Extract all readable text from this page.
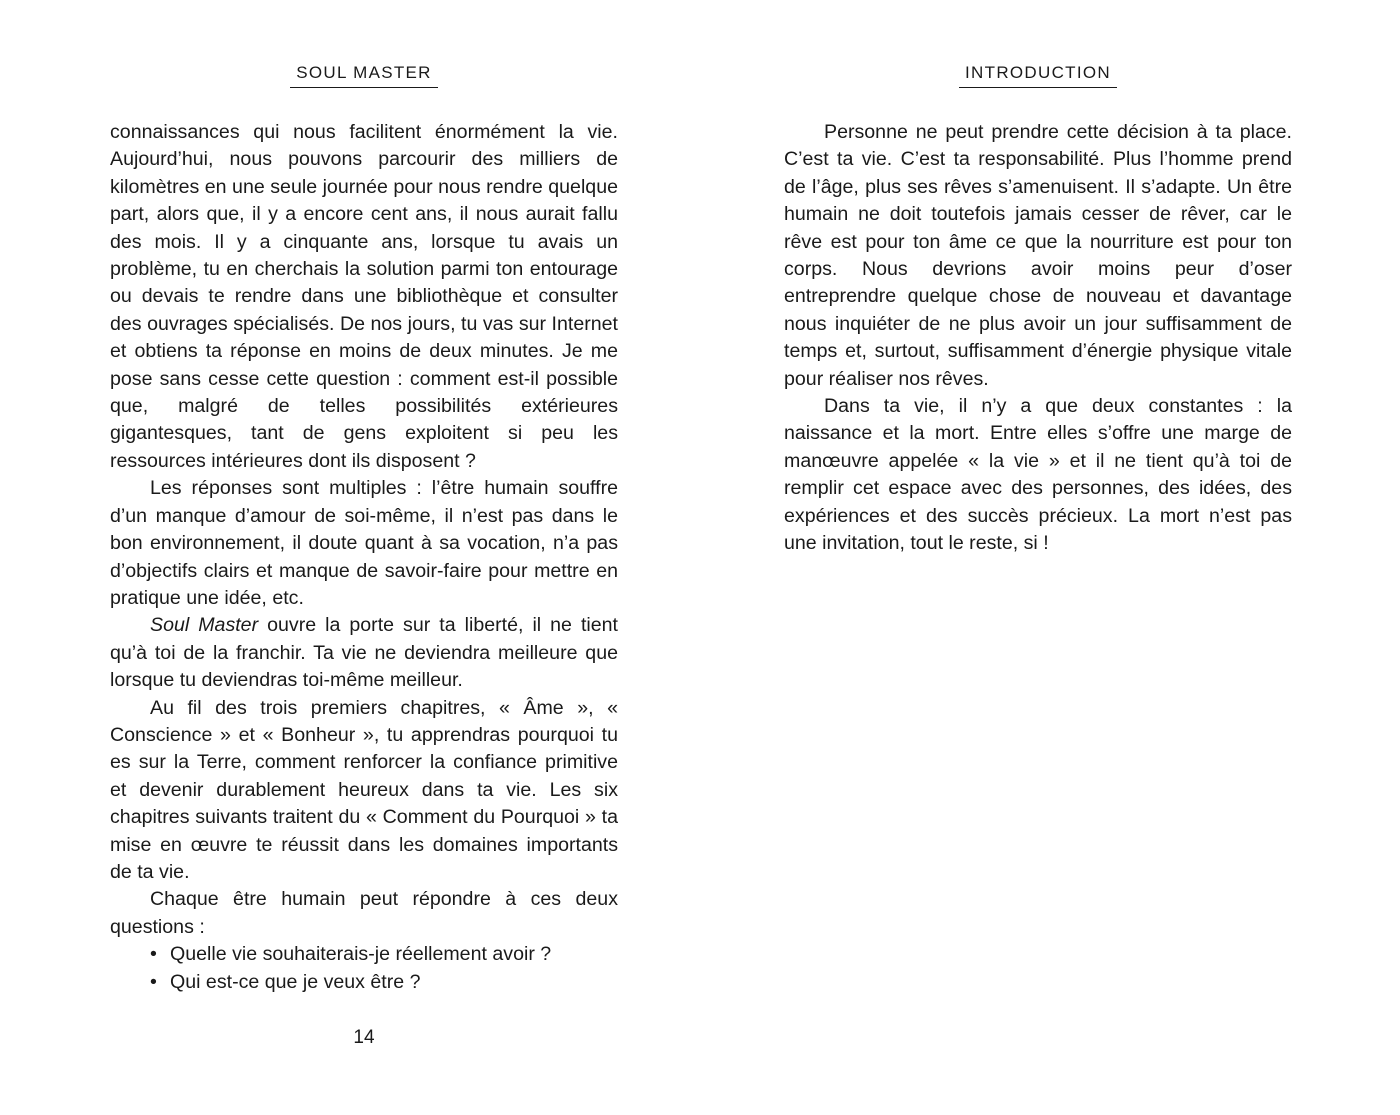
SOUL MASTER

connaissances qui nous facilitent énormément la vie. Aujourd’hui, nous pouvons parcourir des milliers de kilomètres en une seule journée pour nous rendre quelque part, alors que, il y a encore cent ans, il nous aurait fallu des mois. Il y a cinquante ans, lorsque tu avais un problème, tu en cherchais la solution parmi ton entourage ou devais te rendre dans une bibliothèque et consulter des ouvrages spécialisés. De nos jours, tu vas sur Internet et obtiens ta réponse en moins de deux minutes. Je me pose sans cesse cette question : comment est-il possible que, malgré de telles possibilités extérieures gigantesques, tant de gens exploitent si peu les ressources intérieures dont ils disposent ?

Les réponses sont multiples : l’être humain souffre d’un manque d’amour de soi-même, il n’est pas dans le bon environnement, il doute quant à sa vocation, n’a pas d’objectifs clairs et manque de savoir-faire pour mettre en pratique une idée, etc.

Soul Master ouvre la porte sur ta liberté, il ne tient qu’à toi de la franchir. Ta vie ne deviendra meilleure que lorsque tu deviendras toi-même meilleur.

Au fil des trois premiers chapitres, « Âme », « Conscience » et « Bonheur », tu apprendras pourquoi tu es sur la Terre, comment renforcer la confiance primitive et devenir durablement heureux dans ta vie. Les six chapitres suivants traitent du « Comment du Pourquoi » ta mise en œuvre te réussit dans les domaines importants de ta vie.

Chaque être humain peut répondre à ces deux questions :

• Quelle vie souhaiterais-je réellement avoir ?
• Qui est-ce que je veux être ?
14
INTRODUCTION

Personne ne peut prendre cette décision à ta place. C’est ta vie. C’est ta responsabilité. Plus l’homme prend de l’âge, plus ses rêves s’amenuisent. Il s’adapte. Un être humain ne doit toutefois jamais cesser de rêver, car le rêve est pour ton âme ce que la nourriture est pour ton corps. Nous devrions avoir moins peur d’oser entreprendre quelque chose de nouveau et davantage nous inquiéter de ne plus avoir un jour suffisamment de temps et, surtout, suffisamment d’énergie physique vitale pour réaliser nos rêves.

Dans ta vie, il n’y a que deux constantes : la naissance et la mort. Entre elles s’offre une marge de manœuvre appelée « la vie » et il ne tient qu’à toi de remplir cet espace avec des personnes, des idées, des expériences et des succès précieux. La mort n’est pas une invitation, tout le reste, si !
